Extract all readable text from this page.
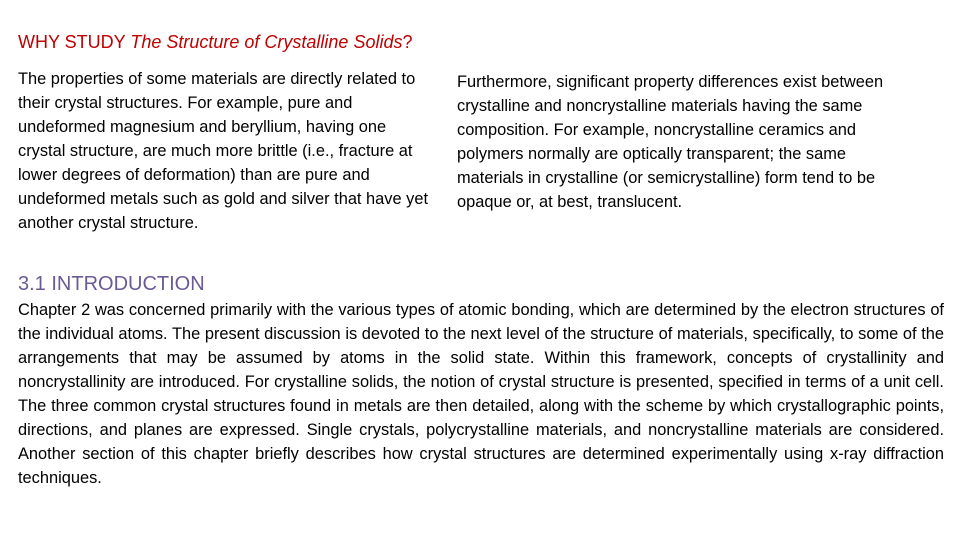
WHY STUDY The Structure of Crystalline Solids?

The properties of some materials are directly related to their crystal structures. For example, pure and undeformed magnesium and beryllium, having one crystal structure, are much more brittle (i.e., fracture at lower degrees of deformation) than are pure and undeformed metals such as gold and silver that have yet another crystal structure.

Furthermore, significant property differences exist between crystalline and noncrystalline materials having the same composition. For example, noncrystalline ceramics and polymers normally are optically transparent; the same materials in crystalline (or semicrystalline) form tend to be opaque or, at best, translucent.

3.1 INTRODUCTION

Chapter 2 was concerned primarily with the various types of atomic bonding, which are determined by the electron structures of the individual atoms. The present discussion is devoted to the next level of the structure of materials, specifically, to some of the arrangements that may be assumed by atoms in the solid state. Within this framework, concepts of crystallinity and noncrystallinity are introduced. For crystalline solids, the notion of crystal structure is presented, specified in terms of a unit cell. The three common crystal structures found in metals are then detailed, along with the scheme by which crystallographic points, directions, and planes are expressed. Single crystals, polycrystalline materials, and noncrystalline materials are considered. Another section of this chapter briefly describes how crystal structures are determined experimentally using x-ray diffraction techniques.
